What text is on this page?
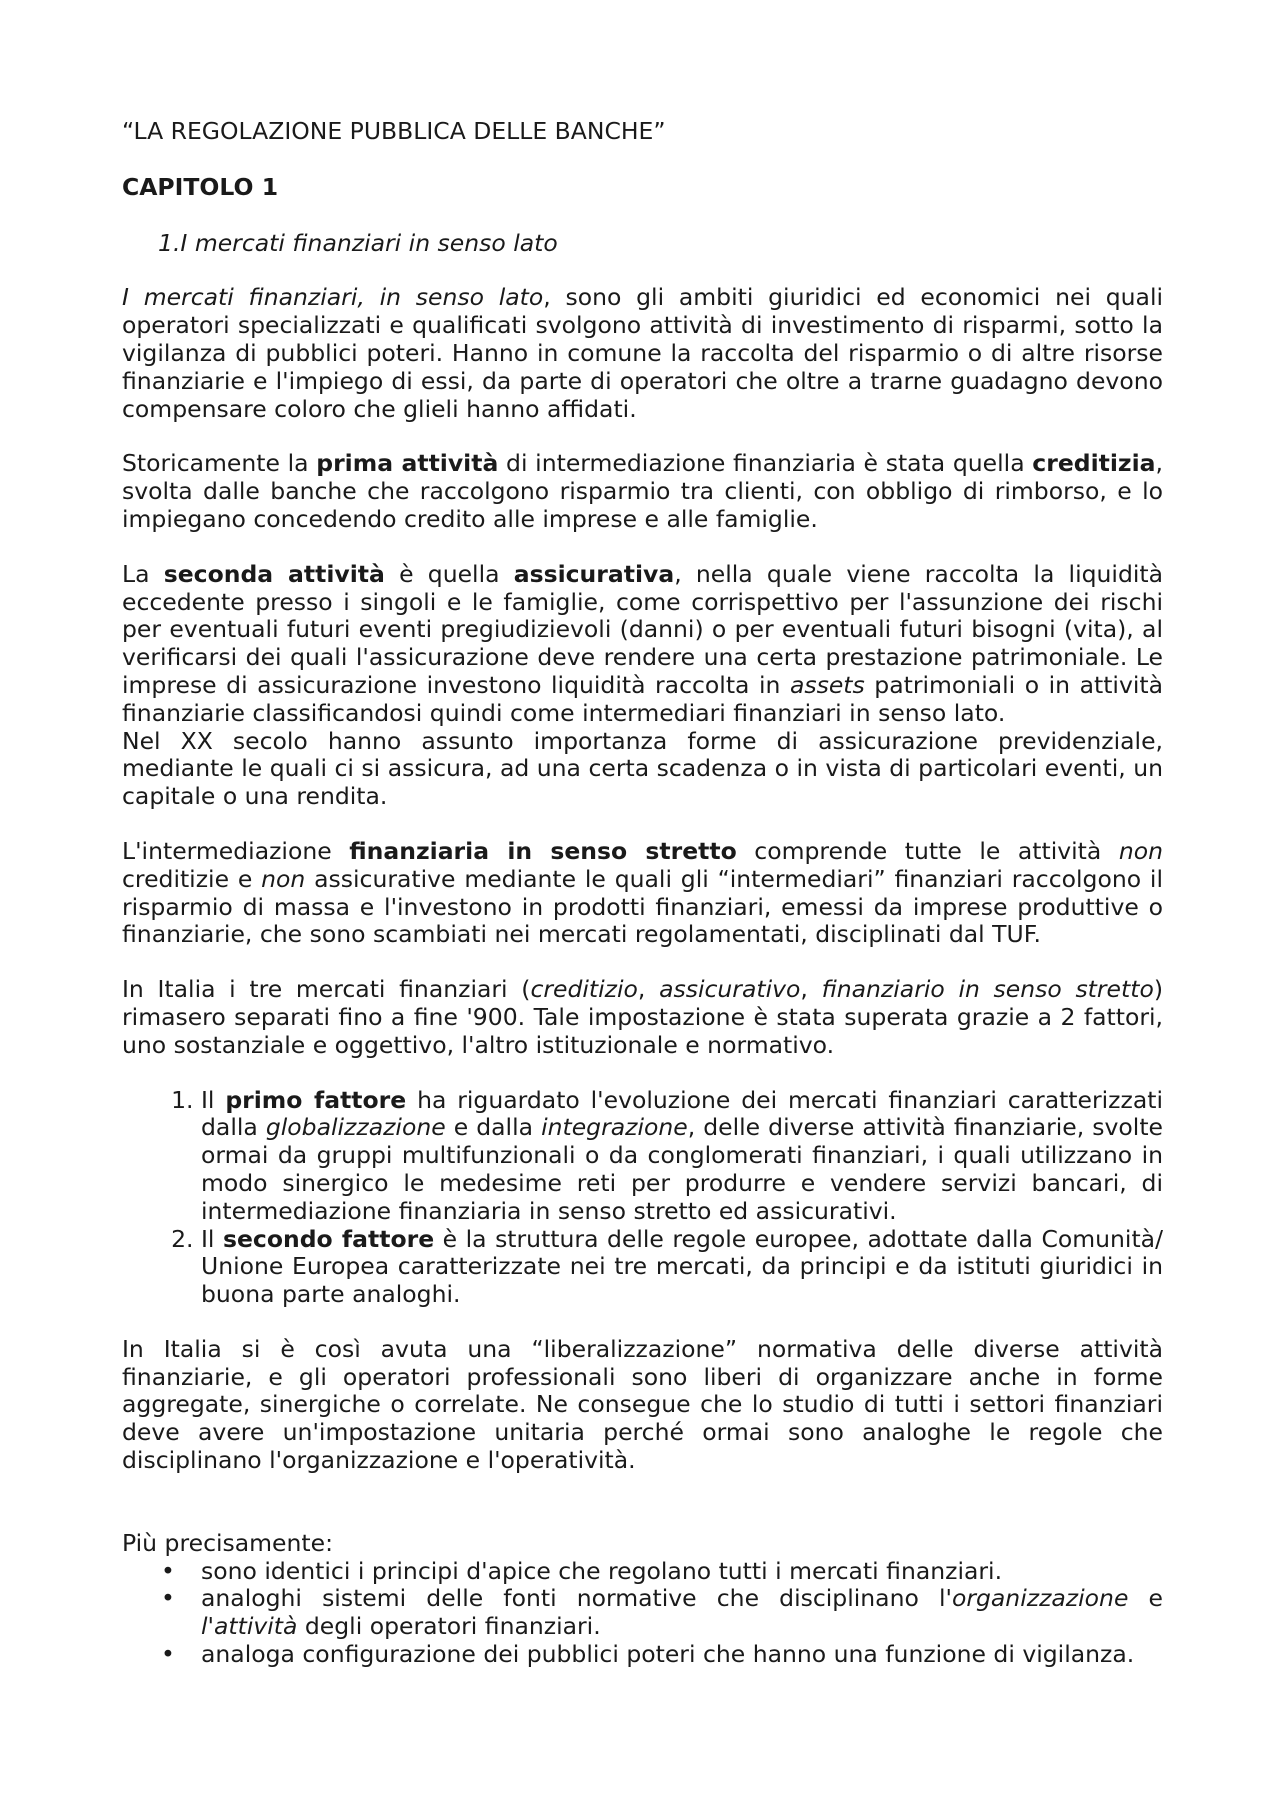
“LA REGOLAZIONE PUBBLICA DELLE BANCHE”

CAPITOLO 1

1.I mercati finanziari in senso lato

I mercati finanziari, in senso lato, sono gli ambiti giuridici ed economici nei quali operatori specializzati e qualificati svolgono attività di investimento di risparmi, sotto la vigilanza di pubblici poteri. Hanno in comune la raccolta del risparmio o di altre risorse finanziarie e l'impiego di essi, da parte di operatori che oltre a trarne guadagno devono compensare coloro che glieli hanno affidati.

Storicamente la prima attività di intermediazione finanziaria è stata quella creditizia, svolta dalle banche che raccolgono risparmio tra clienti, con obbligo di rimborso, e lo impiegano concedendo credito alle imprese e alle famiglie.

La seconda attività è quella assicurativa, nella quale viene raccolta la liquidità eccedente presso i singoli e le famiglie, come corrispettivo per l'assunzione dei rischi per eventuali futuri eventi pregiudizievoli (danni) o per eventuali futuri bisogni (vita), al verificarsi dei quali l'assicurazione deve rendere una certa prestazione patrimoniale. Le imprese di assicurazione investono liquidità raccolta in assets patrimoniali o in attività finanziarie classificandosi quindi come intermediari finanziari in senso lato.

Nel XX secolo hanno assunto importanza forme di assicurazione previdenziale, mediante le quali ci si assicura, ad una certa scadenza o in vista di particolari eventi, un capitale o una rendita.

L'intermediazione finanziaria in senso stretto comprende tutte le attività non creditizie e non assicurative mediante le quali gli “intermediari” finanziari raccolgono il risparmio di massa e l'investono in prodotti finanziari, emessi da imprese produttive o finanziarie, che sono scambiati nei mercati regolamentati, disciplinati dal TUF.

In Italia i tre mercati finanziari (creditizio, assicurativo, finanziario in senso stretto) rimasero separati fino a fine '900. Tale impostazione è stata superata grazie a 2 fattori, uno sostanziale e oggettivo, l'altro istituzionale e normativo.

1. Il primo fattore ha riguardato l'evoluzione dei mercati finanziari caratterizzati dalla globalizzazione e dalla integrazione, delle diverse attività finanziarie, svolte ormai da gruppi multifunzionali o da conglomerati finanziari, i quali utilizzano in modo sinergico le medesime reti per produrre e vendere servizi bancari, di intermediazione finanziaria in senso stretto ed assicurativi.
2. Il secondo fattore è la struttura delle regole europee, adottate dalla Comunità/ Unione Europea caratterizzate nei tre mercati, da principi e da istituti giuridici in buona parte analoghi.

In Italia si è così avuta una “liberalizzazione” normativa delle diverse attività finanziarie, e gli operatori professionali sono liberi di organizzare anche in forme aggregate, sinergiche o correlate. Ne consegue che lo studio di tutti i settori finanziari deve avere un'impostazione unitaria perché ormai sono analoghe le regole che disciplinano l'organizzazione e l'operatività.

Più precisamente:

• sono identici i principi d'apice che regolano tutti i mercati finanziari.
• analoghi sistemi delle fonti normative che disciplinano l'organizzazione e l'attività degli operatori finanziari.
• analoga configurazione dei pubblici poteri che hanno una funzione di vigilanza.
